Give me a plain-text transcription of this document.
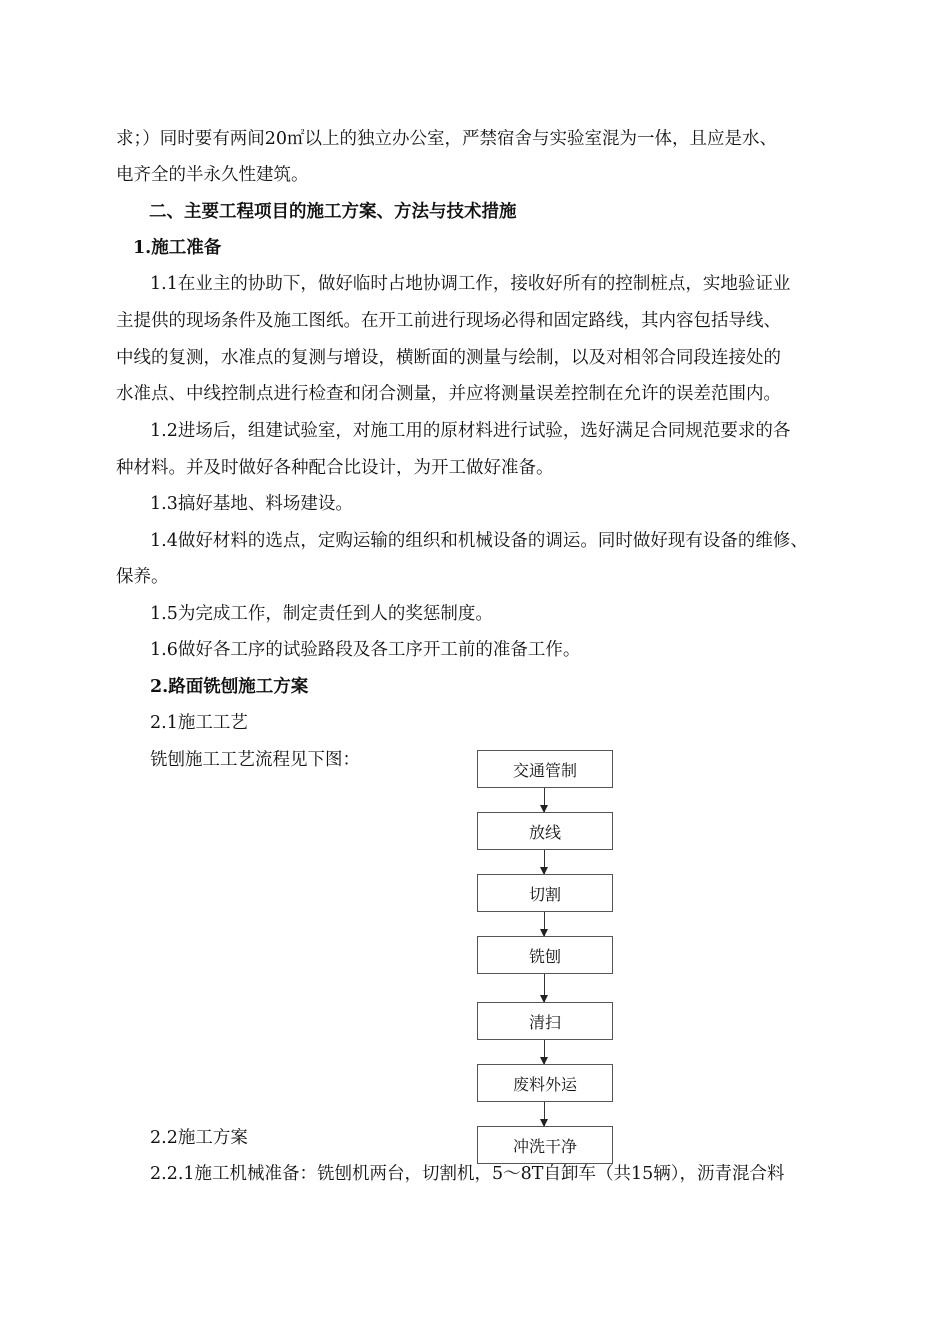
求；）同时要有两间20㎡以上的独立办公室，严禁宿舍与实验室混为一体，且应是水、
电齐全的半永久性建筑。
二、主要工程项目的施工方案、方法与技术措施
1.施工准备
1.1在业主的协助下，做好临时占地协调工作，接收好所有的控制桩点，实地验证业
主提供的现场条件及施工图纸。在开工前进行现场必得和固定路线，其内容包括导线、
中线的复测，水准点的复测与增设，横断面的测量与绘制，以及对相邻合同段连接处的
水准点、中线控制点进行检查和闭合测量，并应将测量误差控制在允许的误差范围内。
1.2进场后，组建试验室，对施工用的原材料进行试验，选好满足合同规范要求的各
种材料。并及时做好各种配合比设计，为开工做好准备。
1.3搞好基地、料场建设。
1.4做好材料的选点，定购运输的组织和机械设备的调运。同时做好现有设备的维修、
保养。
1.5为完成工作，制定责任到人的奖惩制度。
1.6做好各工序的试验路段及各工序开工前的准备工作。
2.路面铣刨施工方案
2.1施工工艺
铣刨施工工艺流程见下图：
2.2施工方案
2.2.1施工机械准备：铣刨机两台，切割机，5～8T自卸车（共15辆），沥青混合料
交通管制
放线
切割
铣刨
清扫
废料外运
冲洗干净
